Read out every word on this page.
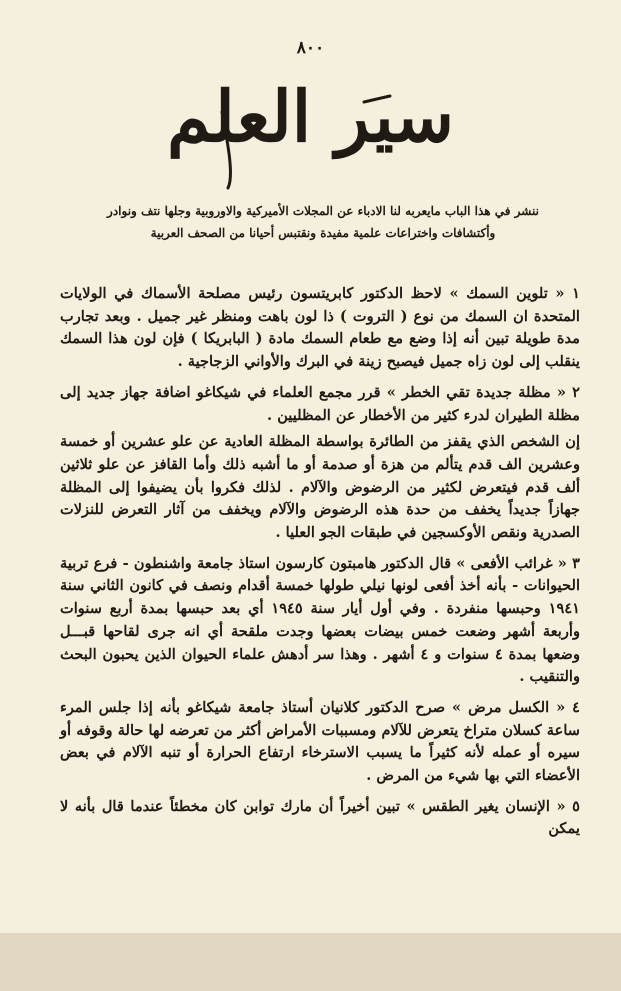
٨٠٠
سير العلم
ننشر في هذا الباب مايعربه لنا الادباء عن المجلات الأميركية والاوروبية وجلها نتف ونوادر
وأكتشافات واختراعات علمية مفيدة ونقتبس أحيانا من الصحف العربية

١ « تلوين السمك » لاحظ الدكتور كابريتسون رئيس مصلحة الأسماك في الولايات المتحدة ان السمك من نوع ( التروت ) ذا لون باهت ومنظر غير جميل . وبعد تجارب مدة طويلة تبين أنه إذا وضع مع طعام السمك مادة ( البابريكا ) فإن لون هذا السمك ينقلب إلى لون زاه جميل فيصبح زينة في البرك والأواني الزجاجية .

٢ « مظلة جديدة تقي الخطر » قرر مجمع العلماء في شيكاغو اضافة جهاز جديد إلى مظلة الطيران لدرء كثير من الأخطار عن المظليين .

إن الشخص الذي يقفز من الطائرة بواسطة المظلة العادية عن علو عشرين أو خمسة وعشرين الف قدم يتألم من هزة أو صدمة أو ما أشبه ذلك وأما القافز عن علو ثلاثين ألف قدم فيتعرض لكثير من الرضوض والآلام . لذلك فكروا بأن يضيفوا إلى المظلة جهازاً جديداً يخفف من حدة هذه الرضوض والآلام ويخفف من آثار التعرض للنزلات الصدرية ونقص الأوكسجين في طبقات الجو العليا .

٣ « غرائب الأفعى » قال الدكتور هامبتون كارسون استاذ جامعة واشنطون - فرع تربية الحيوانات - بأنه أخذ أفعى لونها نيلي طولها خمسة أقدام ونصف في كانون الثاني سنة ١٩٤١ وحبسها منفردة . وفي أول أيار سنة ١٩٤٥ أي بعد حبسها بمدة أربع سنوات وأربعة أشهر وضعت خمس بيضات بعضها وجدت ملقحة أي انه جرى لقاحها قبـــل وضعها بمدة ٤ سنوات و ٤ أشهر . وهذا سر أدهش علماء الحيوان الذين يحبون البحث والتنقيب .

٤ « الكسل مرض » صرح الدكتور كلانيان أستاذ جامعة شيكاغو بأنه إذا جلس المرء ساعة كسلان متراخ يتعرض للآلام ومسببات الأمراض أكثر من تعرضه لها حالة وقوفه أو سيره أو عمله لأنه كثيراً ما يسبب الاسترخاء ارتفاع الحرارة أو تنبه الآلام في بعض الأعضاء التي بها شيء من المرض .

٥ « الإنسان يغير الطقس » تبين أخيراً أن مارك توابن كان مخطئاً عندما قال بأنه لا يمكن
